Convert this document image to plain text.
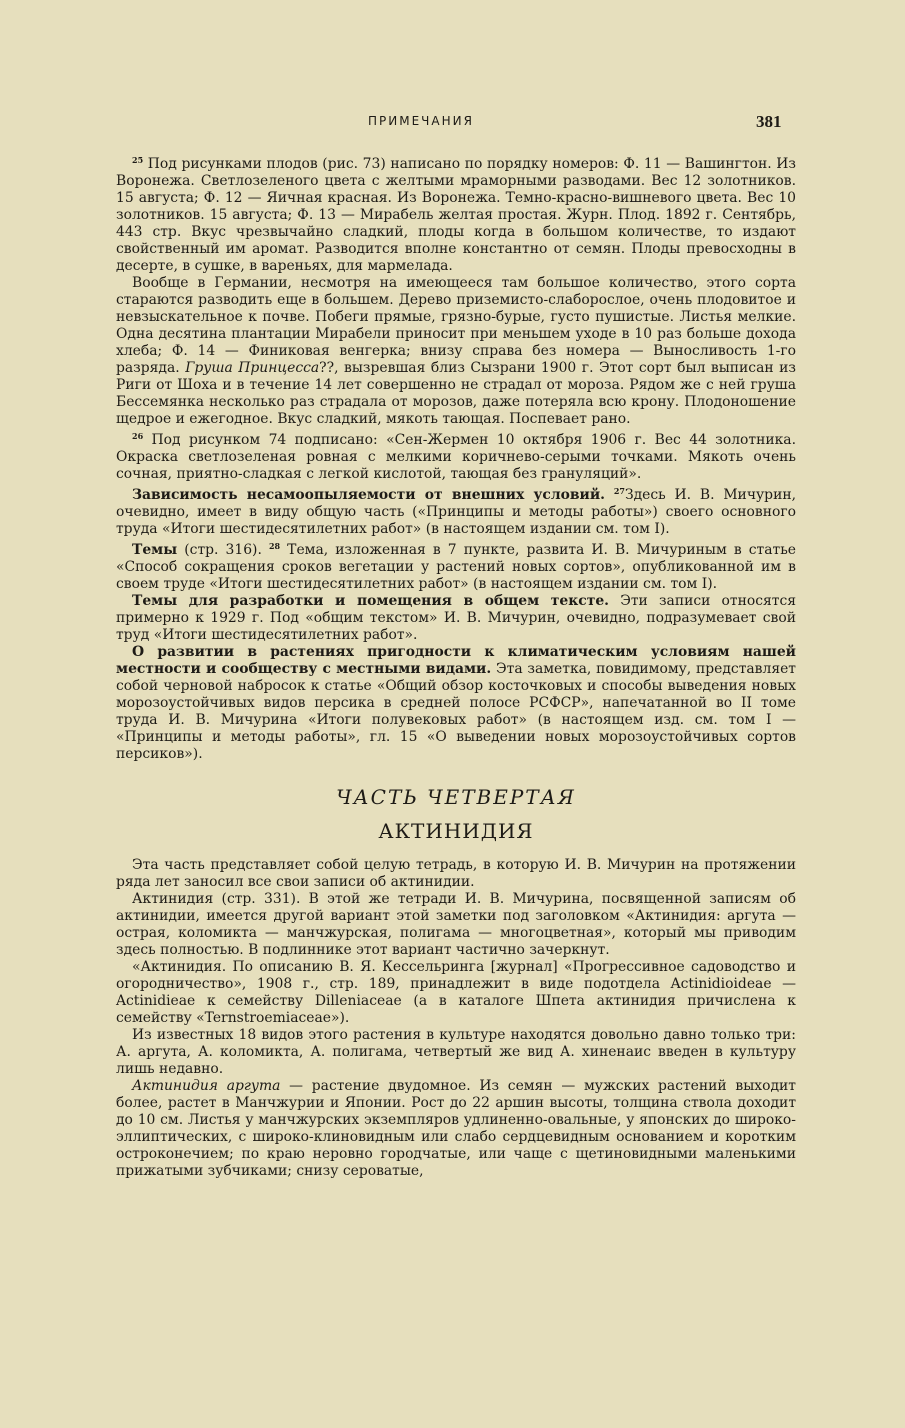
ПРИМЕЧАНИЯ	381

$^{25}$ Под рисунками плодов (рис. 73) написано по порядку номеров: Ф. 11 — Вашингтон. Из Воронежа. Светлозеленого цвета с желтыми мраморными разводами. Вес 12 золотников. 15 августа; Ф. 12 — Яичная красная. Из Воронежа. Темно-красно-вишневого цвета. Вес 10 золотников. 15 августа; Ф. 13 — Мирабель желтая простая. Журн. Плод. 1892 г. Сентябрь, 443 стр. Вкус чрезвычайно сладкий, плоды когда в большом количестве, то издают свойственный им аромат. Разводится вполне константно от семян. Плоды превосходны в десерте, в сушке, в вареньях, для мармелада.

Вообще в Германии, несмотря на имеющееся там большое количество, этого сорта стараются разводить еще в большем. Дерево приземисто-слаборослое, очень плодовитое и невзыскательное к почве. Побеги прямые, грязно-бурые, густо пушистые. Листья мелкие. Одна десятина плантации Мирабели приносит при меньшем уходе в 10 раз больше дохода хлеба; Ф. 14 — Финиковая венгерка; внизу справа без номера — Выносливость 1-го разряда. Груша Принцесса??, вызревшая близ Сызрани 1900 г. Этот сорт был выписан из Риги от Шоха и в течение 14 лет совершенно не страдал от мороза. Рядом же с ней груша Бессемянка несколько раз страдала от морозов, даже потеряла всю крону. Плодоношение щедрое и ежегодное. Вкус сладкий, мякоть тающая. Поспевает рано.

$^{26}$ Под рисунком 74 подписано: «Сен-Жермен 10 октября 1906 г. Вес 44 золотника. Окраска светлозеленая ровная с мелкими коричнево-серыми точками. Мякоть очень сочная, приятно-сладкая с легкой кислотой, тающая без грануляций».

Зависимость несамоопыляемости от внешних условий. $^{27}$Здесь И. В. Мичурин, очевидно, имеет в виду общую часть («Принципы и методы работы») своего основного труда «Итоги шестидесятилетних работ» (в настоящем издании см. том I).

Темы (стр. 316). $^{28}$ Тема, изложенная в 7 пункте, развита И. В. Мичуриным в статье «Способ сокращения сроков вегетации у растений новых сортов», опубликованной им в своем труде «Итоги шестидесятилетних работ» (в настоящем издании см. том I).

Темы для разработки и помещения в общем тексте. Эти записи относятся примерно к 1929 г. Под «общим текстом» И. В. Мичурин, очевидно, подразумевает свой труд «Итоги шестидесятилетних работ».

О развитии в растениях пригодности к климатическим условиям нашей местности и сообществу с местными видами. Эта заметка, повидимому, представляет собой черновой набросок к статье «Общий обзор косточковых и способы выведения новых морозоустойчивых видов персика в средней полосе РСФСР», напечатанной во II томе труда И. В. Мичурина «Итоги полувековых работ» (в настоящем изд. см. том I — «Принципы и методы работы», гл. 15 «О выведении новых морозоустойчивых сортов персиков»).

ЧАСТЬ ЧЕТВЕРТАЯ
АКТИНИДИЯ

Эта часть представляет собой целую тетрадь, в которую И. В. Мичурин на протяжении ряда лет заносил все свои записи об актинидии.

Актинидия (стр. 331). В этой же тетради И. В. Мичурина, посвященной записям об актинидии, имеется другой вариант этой заметки под заголовком «Актинидия: аргута — острая, коломикта — манчжурская, полигама — многоцветная», который мы приводим здесь полностью. В подлиннике этот вариант частично зачеркнут.

«Актинидия. По описанию В. Я. Кессельринга [журнал] «Прогрессивное садоводство и огородничество», 1908 г., стр. 189, принадлежит в виде подотдела Actinidioideae — Actinidieae к семейству Dilleniaceae (а в каталоге Шпета актинидия причислена к семейству «Ternstroemiaceae»).

Из известных 18 видов этого растения в культуре находятся довольно давно только три: А. аргута, А. коломикта, А. полигама, четвертый же вид А. хиненаис введен в культуру лишь недавно.

Актинидия аргута — растение двудомное. Из семян — мужских растений выходит более, растет в Манчжурии и Японии. Рост до 22 аршин высоты, толщина ствола доходит до 10 см. Листья у манчжурских экземпляров удлиненно-овальные, у японских до широко-эллиптических, с широко-клиновидным или слабо сердцевидным основанием и коротким остроконечием; по краю неровно городчатые, или чаще с щетиновидными маленькими прижатыми зубчиками; снизу сероватые,
